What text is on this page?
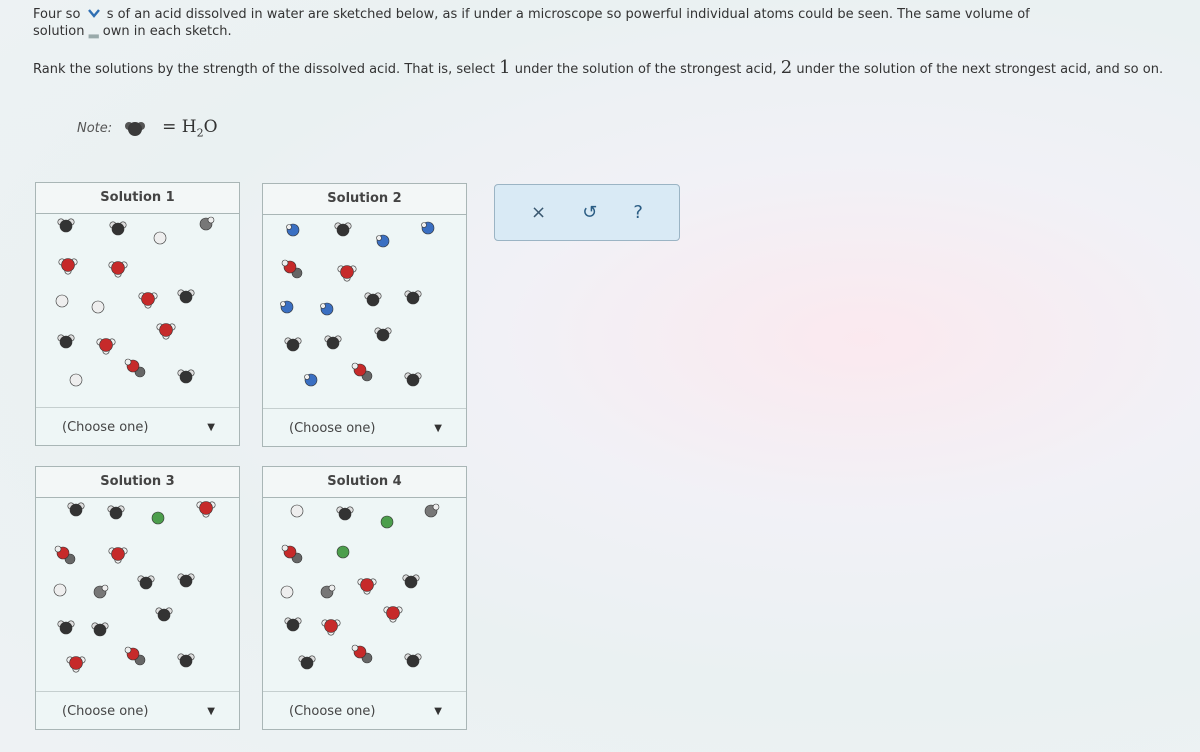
Four so s of an acid dissolved in water are sketched below, as if under a microscope so powerful individual atoms could be seen. The same volume of
solution ▂ own in each sketch.
Rank the solutions by the strength of the dissolved acid. That is, select 1 under the solution of the strongest acid, 2 under the solution of the next strongest acid, and so on.
Note:	= $H_2O$
Solution 1
(Choose one)	▼
Solution 2
(Choose one)	▼
Solution 3
(Choose one)	▼
Solution 4
(Choose one)	▼
× ↺ ?
